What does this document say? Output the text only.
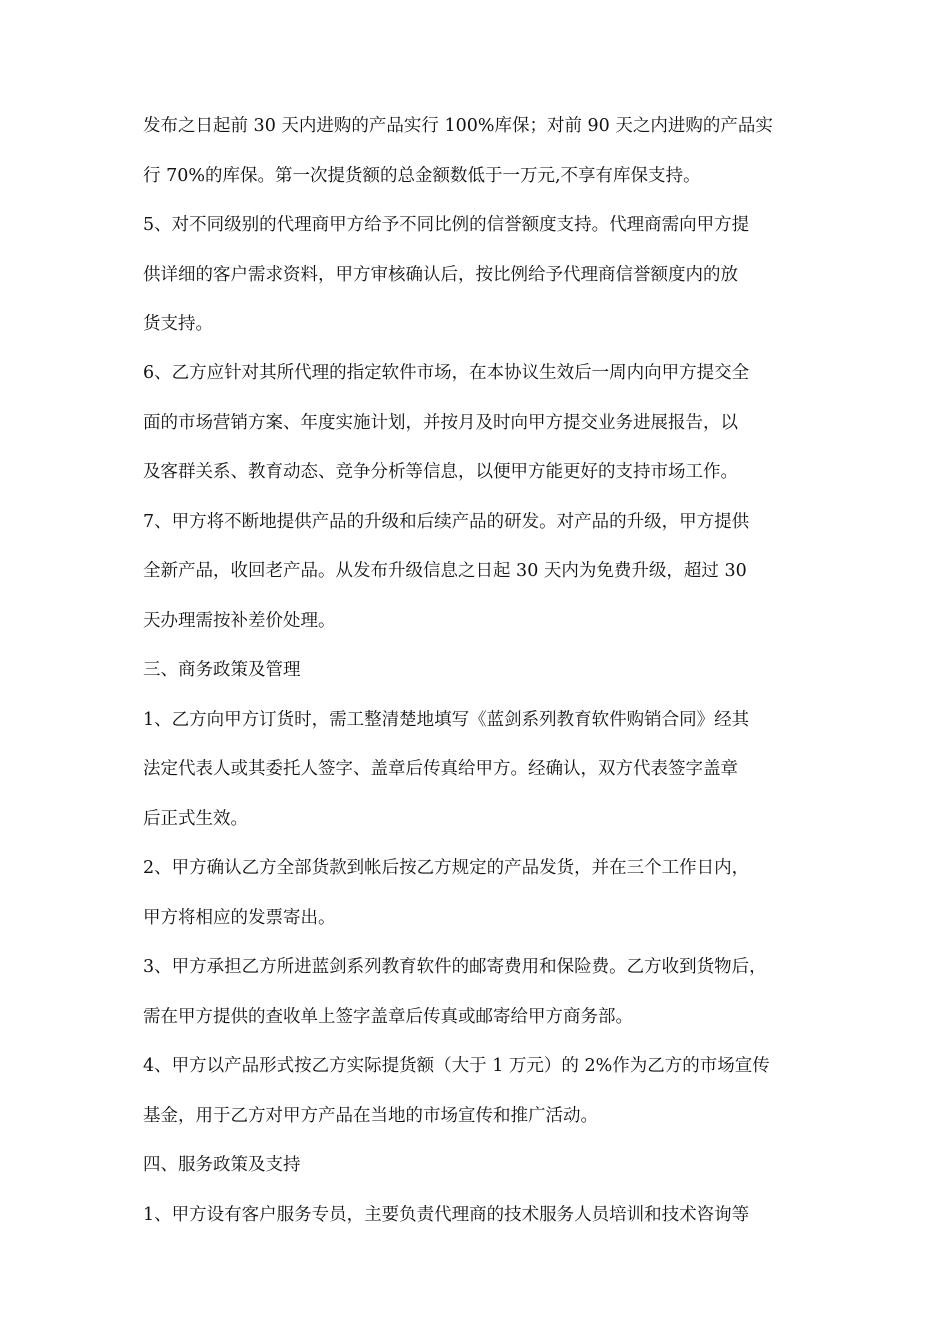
发布之日起前 30 天内进购的产品实行 100%库保；对前 90 天之内进购的产品实
行 70%的库保。第一次提货额的总金额数低于一万元,不享有库保支持。
5、对不同级别的代理商甲方给予不同比例的信誉额度支持。代理商需向甲方提
供详细的客户需求资料，甲方审核确认后，按比例给予代理商信誉额度内的放
货支持。
6、乙方应针对其所代理的指定软件市场，在本协议生效后一周内向甲方提交全
面的市场营销方案、年度实施计划，并按月及时向甲方提交业务进展报告，以
及客群关系、教育动态、竞争分析等信息，以便甲方能更好的支持市场工作。
7、甲方将不断地提供产品的升级和后续产品的研发。对产品的升级，甲方提供
全新产品，收回老产品。从发布升级信息之日起 30 天内为免费升级，超过 30
天办理需按补差价处理。
三、商务政策及管理
1、乙方向甲方订货时，需工整清楚地填写《蓝剑系列教育软件购销合同》经其
法定代表人或其委托人签字、盖章后传真给甲方。经确认，双方代表签字盖章
后正式生效。
2、甲方确认乙方全部货款到帐后按乙方规定的产品发货，并在三个工作日内，
甲方将相应的发票寄出。
3、甲方承担乙方所进蓝剑系列教育软件的邮寄费用和保险费。乙方收到货物后，
需在甲方提供的查收单上签字盖章后传真或邮寄给甲方商务部。
4、甲方以产品形式按乙方实际提货额（大于 1 万元）的 2%作为乙方的市场宣传
基金，用于乙方对甲方产品在当地的市场宣传和推广活动。
四、服务政策及支持
1、甲方设有客户服务专员，主要负责代理商的技术服务人员培训和技术咨询等
